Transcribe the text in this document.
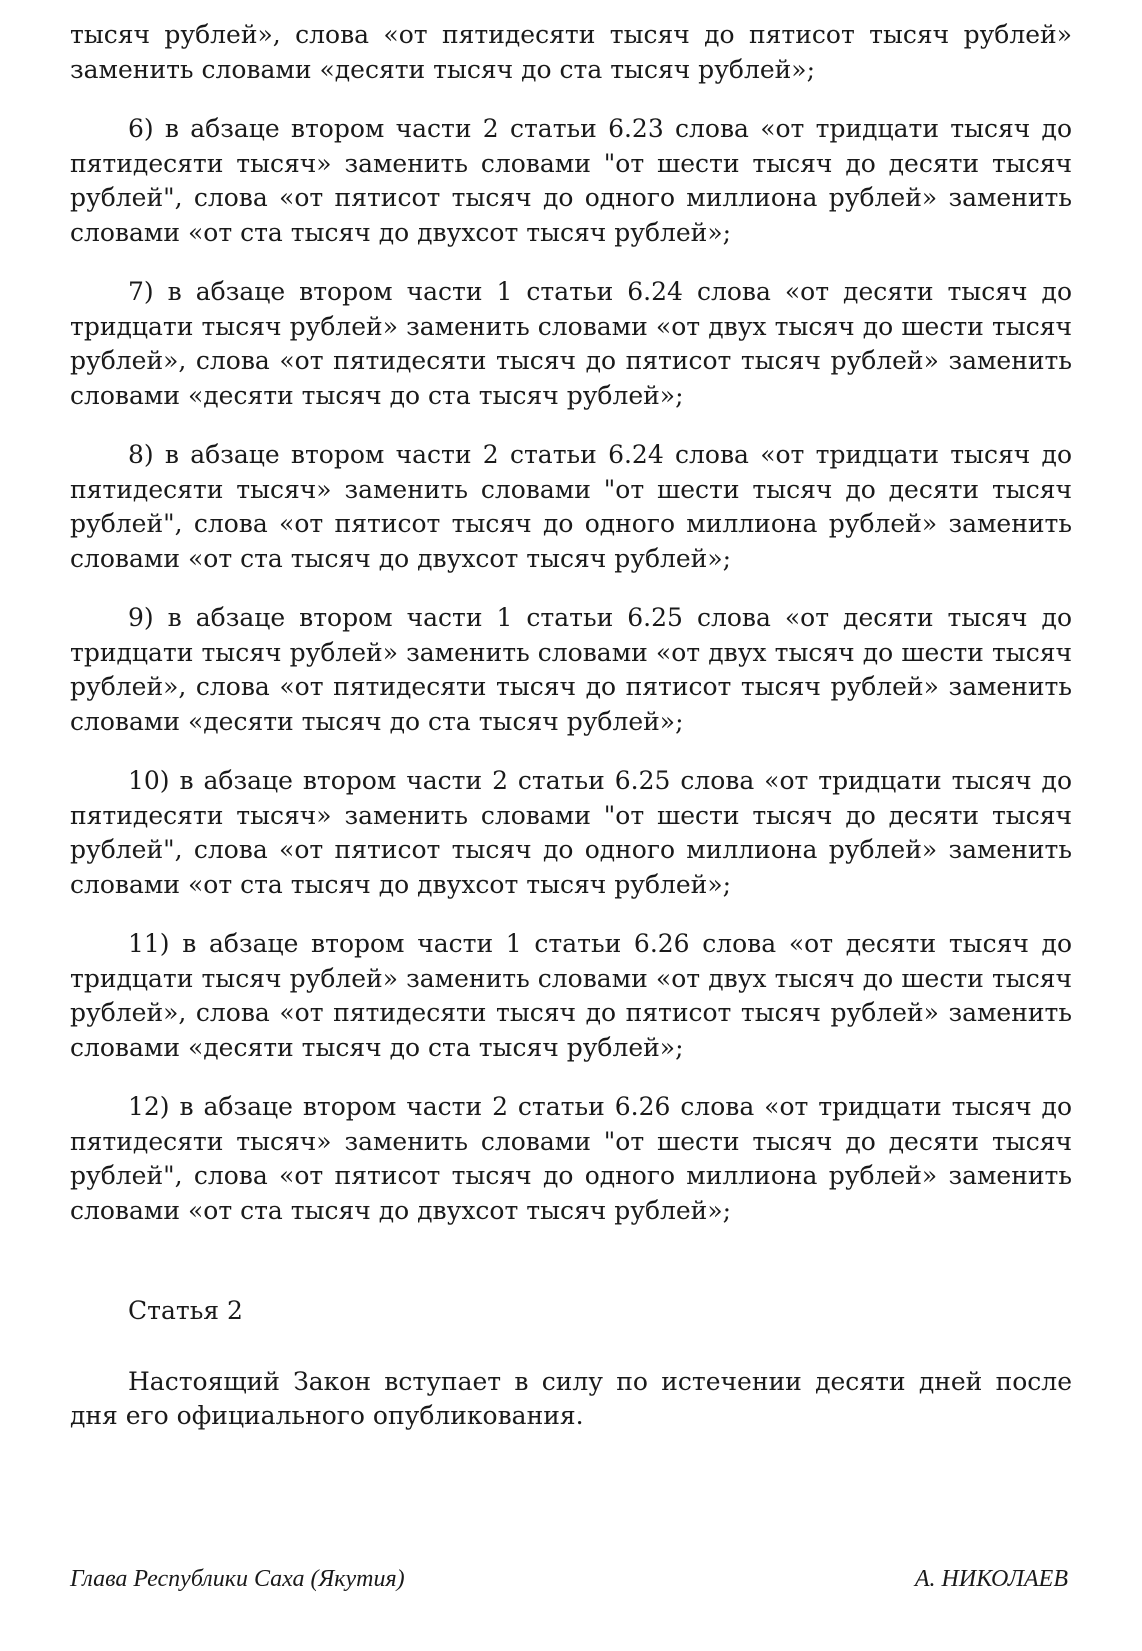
тысяч рублей», слова «от пятидесяти тысяч до пятисот тысяч рублей» заменить словами «десяти тысяч до ста тысяч рублей»;

6) в абзаце втором части 2 статьи 6.23 слова «от тридцати тысяч до пятидесяти тысяч» заменить словами "от шести тысяч до десяти тысяч рублей", слова «от пятисот тысяч до одного миллиона рублей» заменить словами «от ста тысяч до двухсот тысяч рублей»;

7) в абзаце втором части 1 статьи 6.24 слова «от десяти тысяч до тридцати тысяч рублей» заменить словами «от двух тысяч до шести тысяч рублей», слова «от пятидесяти тысяч до пятисот тысяч рублей» заменить словами «десяти тысяч до ста тысяч рублей»;

8) в абзаце втором части 2 статьи 6.24 слова «от тридцати тысяч до пятидесяти тысяч» заменить словами "от шести тысяч до десяти тысяч рублей", слова «от пятисот тысяч до одного миллиона рублей» заменить словами «от ста тысяч до двухсот тысяч рублей»;

9) в абзаце втором части 1 статьи 6.25 слова «от десяти тысяч до тридцати тысяч рублей» заменить словами «от двух тысяч до шести тысяч рублей», слова «от пятидесяти тысяч до пятисот тысяч рублей» заменить словами «десяти тысяч до ста тысяч рублей»;

10) в абзаце втором части 2 статьи 6.25 слова «от тридцати тысяч до пятидесяти тысяч» заменить словами "от шести тысяч до десяти тысяч рублей", слова «от пятисот тысяч до одного миллиона рублей» заменить словами «от ста тысяч до двухсот тысяч рублей»;

11) в абзаце втором части 1 статьи 6.26 слова «от десяти тысяч до тридцати тысяч рублей» заменить словами «от двух тысяч до шести тысяч рублей», слова «от пятидесяти тысяч до пятисот тысяч рублей» заменить словами «десяти тысяч до ста тысяч рублей»;

12) в абзаце втором части 2 статьи 6.26 слова «от тридцати тысяч до пятидесяти тысяч» заменить словами "от шести тысяч до десяти тысяч рублей", слова «от пятисот тысяч до одного миллиона рублей» заменить словами «от ста тысяч до двухсот тысяч рублей»;

Статья 2

Настоящий Закон вступает в силу по истечении десяти дней после дня его официального опубликования.

Глава Республики Саха (Якутия)	А. НИКОЛАЕВ
